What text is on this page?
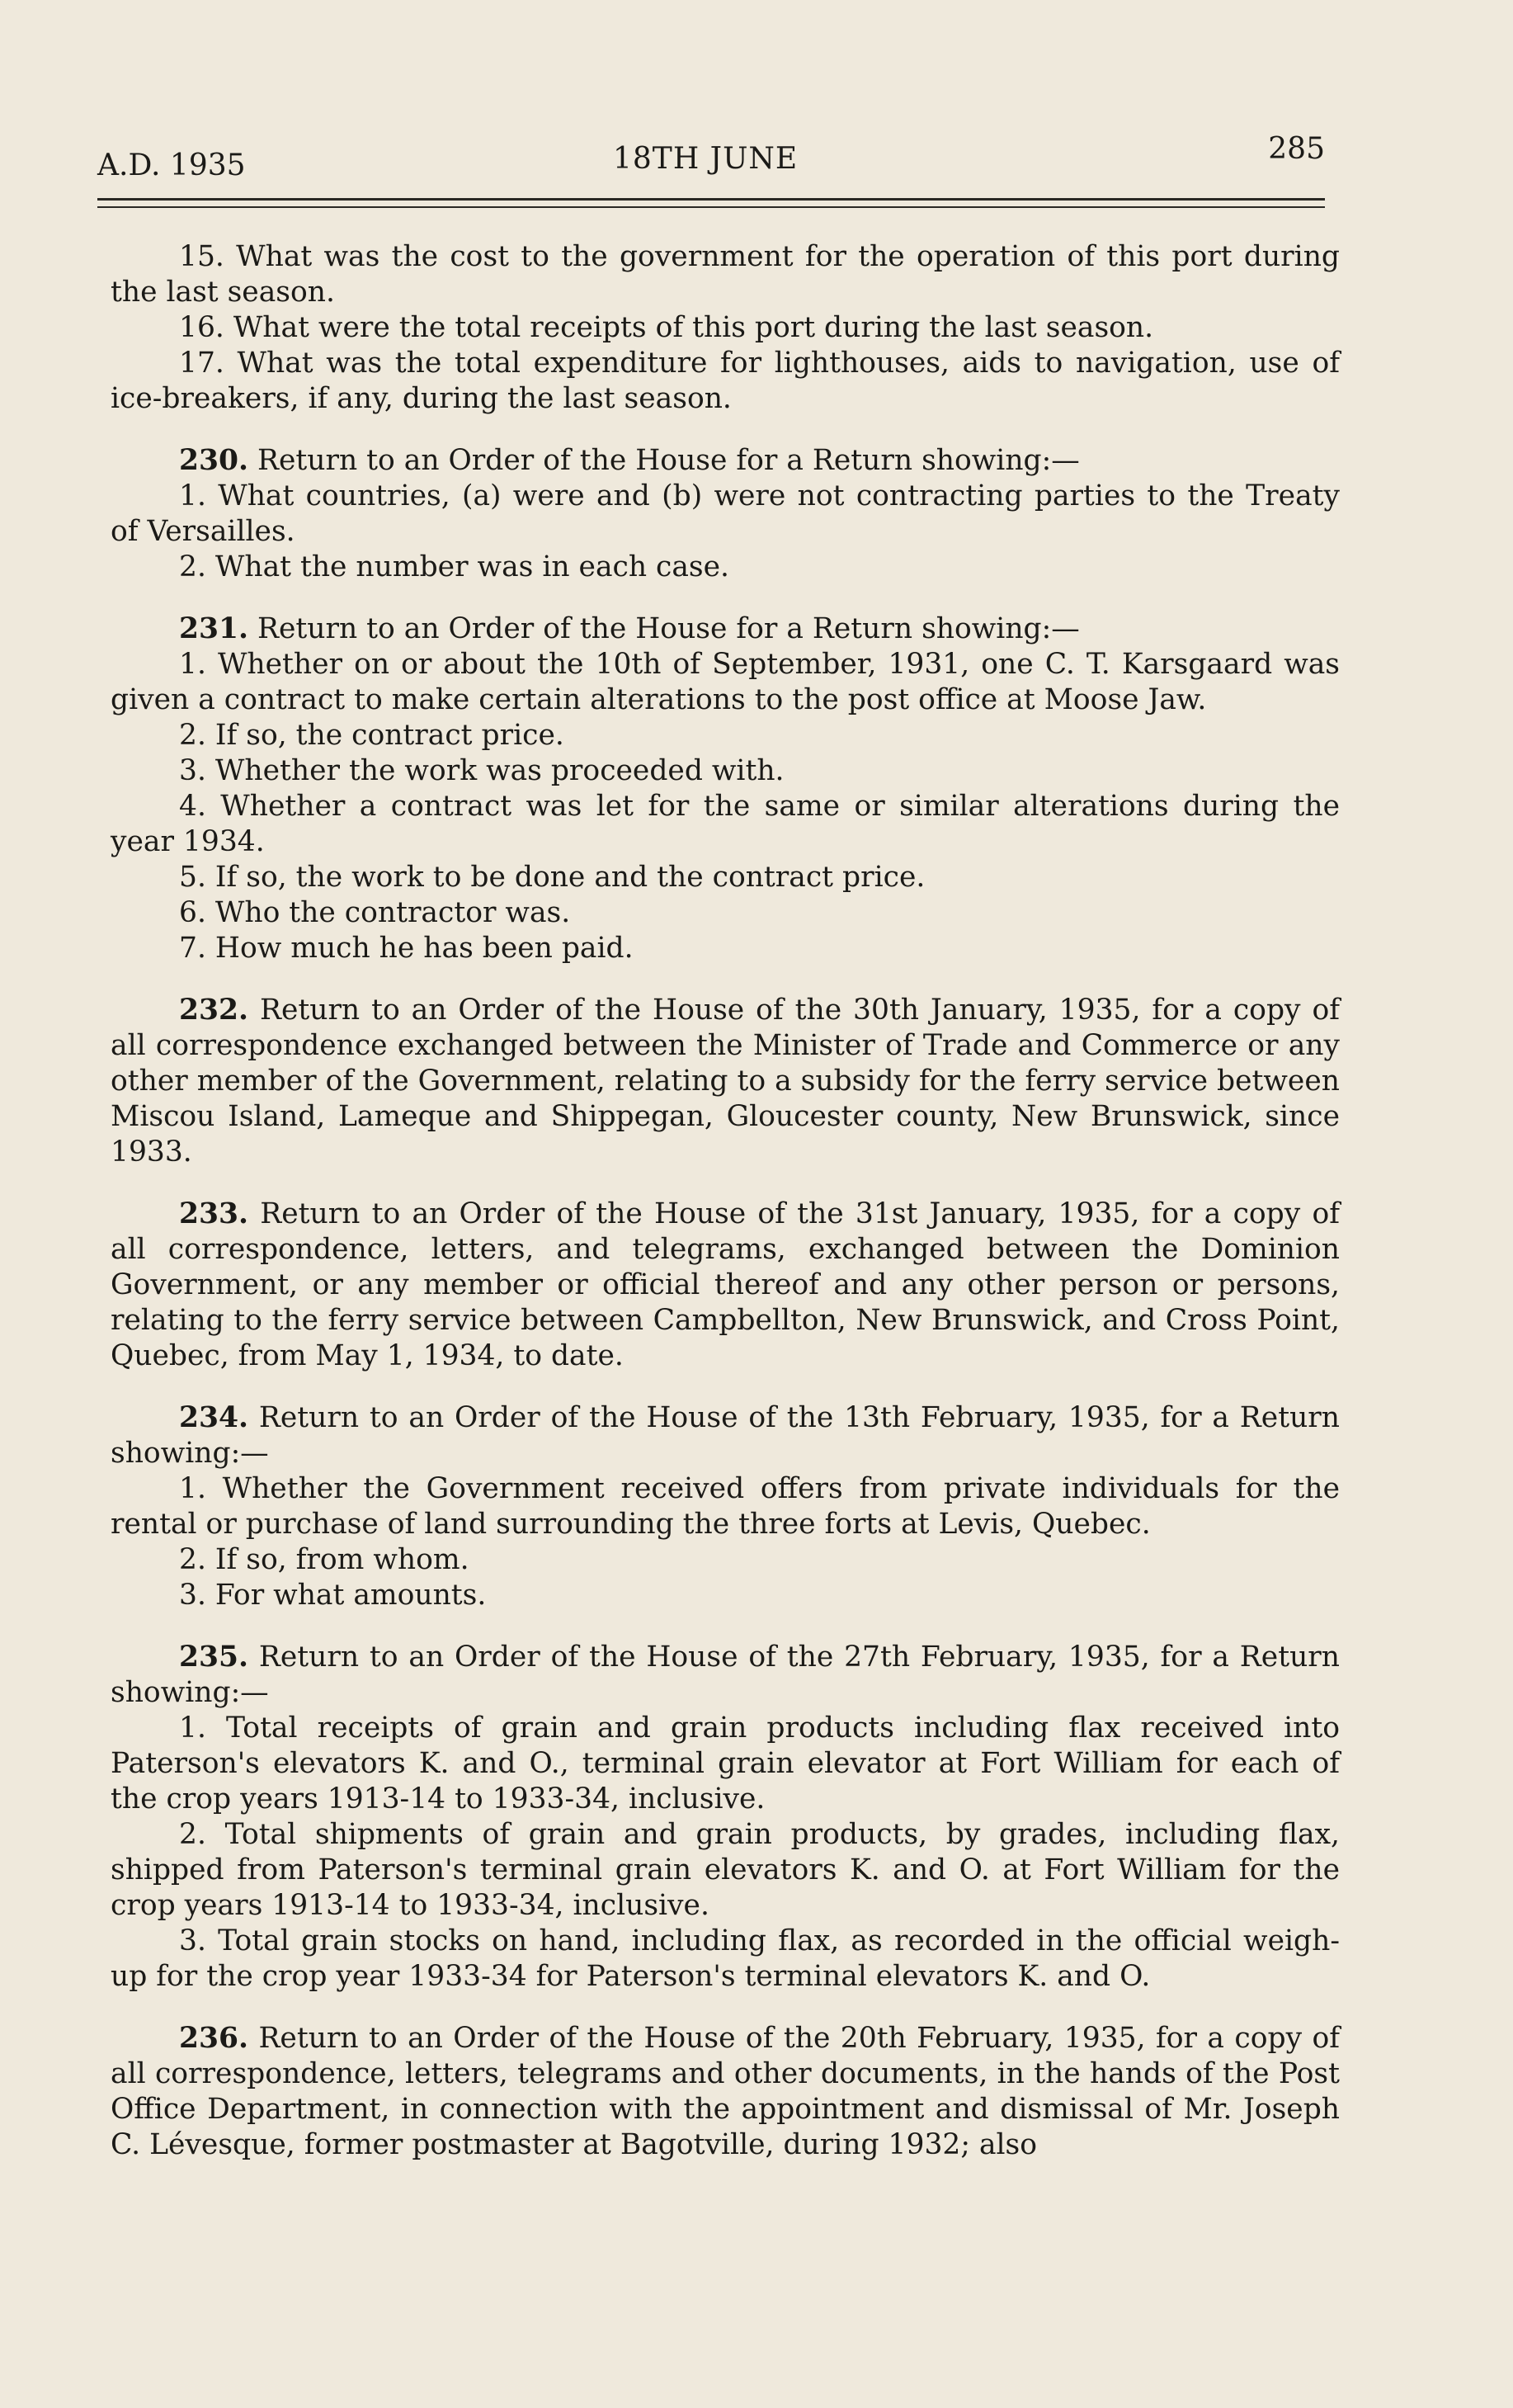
A.D. 1935	18TH JUNE	285

15. What was the cost to the government for the operation of this port during the last season.

16. What were the total receipts of this port during the last season.

17. What was the total expenditure for lighthouses, aids to navigation, use of ice-breakers, if any, during the last season.

230. Return to an Order of the House for a Return showing:—

1. What countries, (a) were and (b) were not contracting parties to the Treaty of Versailles.

2. What the number was in each case.

231. Return to an Order of the House for a Return showing:—

1. Whether on or about the 10th of September, 1931, one C. T. Karsgaard was given a contract to make certain alterations to the post office at Moose Jaw.

2. If so, the contract price.

3. Whether the work was proceeded with.

4. Whether a contract was let for the same or similar alterations during the year 1934.

5. If so, the work to be done and the contract price.

6. Who the contractor was.

7. How much he has been paid.

232. Return to an Order of the House of the 30th January, 1935, for a copy of all correspondence exchanged between the Minister of Trade and Commerce or any other member of the Government, relating to a subsidy for the ferry service between Miscou Island, Lameque and Shippegan, Gloucester county, New Brunswick, since 1933.

233. Return to an Order of the House of the 31st January, 1935, for a copy of all correspondence, letters, and telegrams, exchanged between the Dominion Government, or any member or official thereof and any other person or persons, relating to the ferry service between Campbellton, New Brunswick, and Cross Point, Quebec, from May 1, 1934, to date.

234. Return to an Order of the House of the 13th February, 1935, for a Return showing:—

1. Whether the Government received offers from private individuals for the rental or purchase of land surrounding the three forts at Levis, Quebec.

2. If so, from whom.

3. For what amounts.

235. Return to an Order of the House of the 27th February, 1935, for a Return showing:—

1. Total receipts of grain and grain products including flax received into Paterson's elevators K. and O., terminal grain elevator at Fort William for each of the crop years 1913-14 to 1933-34, inclusive.

2. Total shipments of grain and grain products, by grades, including flax, shipped from Paterson's terminal grain elevators K. and O. at Fort William for the crop years 1913-14 to 1933-34, inclusive.

3. Total grain stocks on hand, including flax, as recorded in the official weigh-up for the crop year 1933-34 for Paterson's terminal elevators K. and O.

236. Return to an Order of the House of the 20th February, 1935, for a copy of all correspondence, letters, telegrams and other documents, in the hands of the Post Office Department, in connection with the appointment and dismissal of Mr. Joseph C. Lévesque, former postmaster at Bagotville, during 1932; also
